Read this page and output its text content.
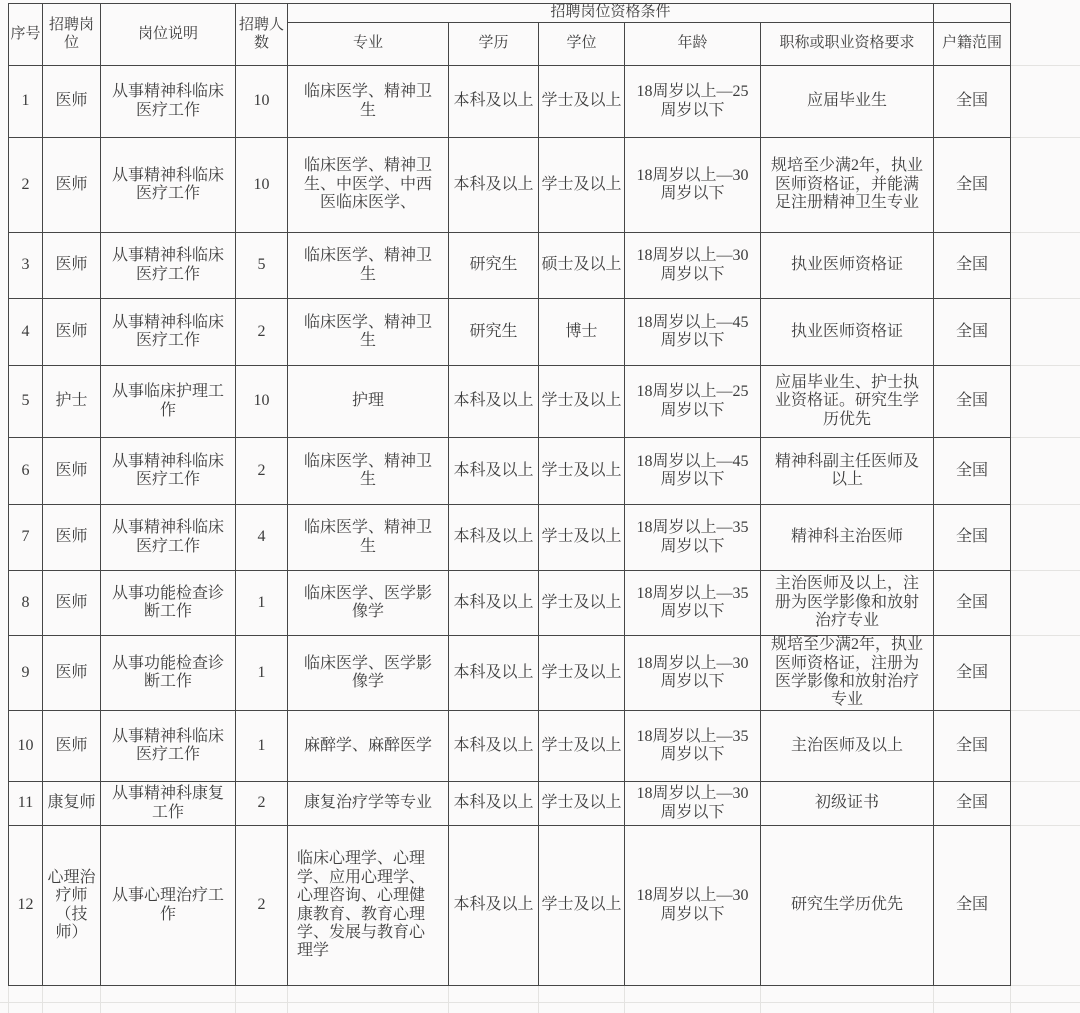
序号	招聘岗位	岗位说明	招聘人数	招聘岗位资格条件					
				专业	学历	学位	年龄	职称或职业资格要求	户籍范围
1	医师	从事精神科临床医疗工作	10	临床医学、精神卫生	本科及以上	学士及以上	18周岁以上—25周岁以下	应届毕业生	全国
2	医师	从事精神科临床医疗工作	10	临床医学、精神卫生、中医学、中西医临床医学、	本科及以上	学士及以上	18周岁以上—30周岁以下	规培至少满2年，执业医师资格证，并能满足注册精神卫生专业	全国
3	医师	从事精神科临床医疗工作	5	临床医学、精神卫生	研究生	硕士及以上	18周岁以上—30周岁以下	执业医师资格证	全国
4	医师	从事精神科临床医疗工作	2	临床医学、精神卫生	研究生	博士	18周岁以上—45周岁以下	执业医师资格证	全国
5	护士	从事临床护理工作	10	护理	本科及以上	学士及以上	18周岁以上—25周岁以下	应届毕业生、护士执业资格证。研究生学历优先	全国
6	医师	从事精神科临床医疗工作	2	临床医学、精神卫生	本科及以上	学士及以上	18周岁以上—45周岁以下	精神科副主任医师及以上	全国
7	医师	从事精神科临床医疗工作	4	临床医学、精神卫生	本科及以上	学士及以上	18周岁以上—35周岁以下	精神科主治医师	全国
8	医师	从事功能检查诊断工作	1	临床医学、医学影像学	本科及以上	学士及以上	18周岁以上—35周岁以下	主治医师及以上，注册为医学影像和放射治疗专业	全国
9	医师	从事功能检查诊断工作	1	临床医学、医学影像学	本科及以上	学士及以上	18周岁以上—30周岁以下	规培至少满2年，执业医师资格证，注册为医学影像和放射治疗专业	全国
10	医师	从事精神科临床医疗工作	1	麻醉学、麻醉医学	本科及以上	学士及以上	18周岁以上—35周岁以下	主治医师及以上	全国
11	康复师	从事精神科康复工作	2	康复治疗学等专业	本科及以上	学士及以上	18周岁以上—30周岁以下	初级证书	全国
12	心理治疗师（技师）	从事心理治疗工作	2	临床心理学、心理学、应用心理学、心理咨询、心理健康教育、教育心理学、发展与教育心理学	本科及以上	学士及以上	18周岁以上—30周岁以下	研究生学历优先	全国
